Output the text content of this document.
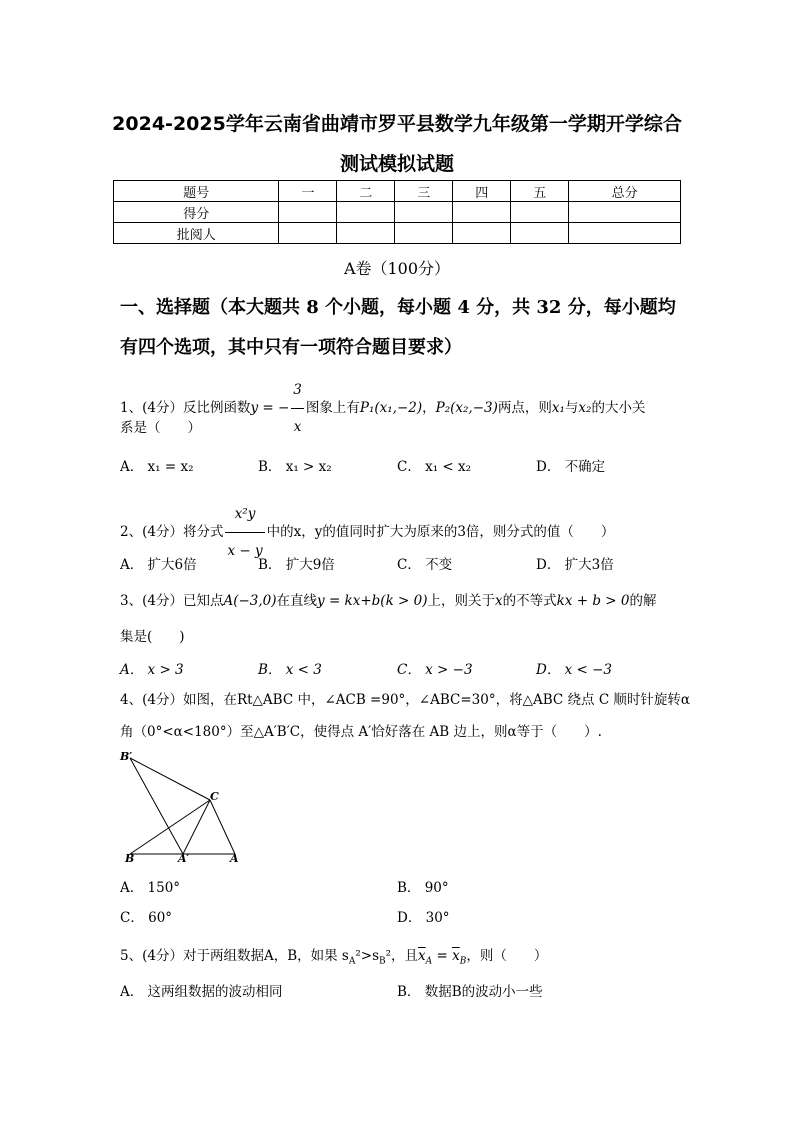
2024-2025学年云南省曲靖市罗平县数学九年级第一学期开学综合
测试模拟试题
题号	一	二	三	四	五	总分
得分						
批阅人						
A卷（100分）
一、选择题（本大题共 8 个小题，每小题 4 分，共 32 分，每小题均
有四个选项，其中只有一项符合题目要求）
1、(4分）反比例函数y = − $\frac{3}{x}$ 图象上有P₁(x₁,−2)，P₂(x₂,−3)两点，则x₁与x₂的大小关
系是（　　）
A． x₁ = x₂	B． x₁ > x₂	C． x₁ < x₂	D． 不确定
2、(4分）将分式 $\frac{\text{x²y}}{x - y}$ 中的x，y的值同时扩大为原来的3倍，则分式的值（　　）
A． 扩大6倍	B． 扩大9倍	C． 不变	D． 扩大3倍
3、(4分）已知点A(−3,0)在直线y = kx+b(k > 0)上，则关于x的不等式kx + b > 0的解
集是(　　)
A． x > 3	B． x < 3	C． x > −3	D． x < −3
4、(4分）如图，在Rt△ABC 中，∠ACB =90°，∠ABC=30°，将△ABC 绕点 C 顺时针旋转α
角（0°<α<180°）至△A′B′C，使得点 A′恰好落在 AB 边上，则α等于（　　）.
B′
C
B	A′	A
A． 150°	B． 90°
C． 60°	D． 30°
5、(4分）对于两组数据A，B，如果 $s_A^2>s_B^2$，且$\overline{x}_A = \overline{x}_B$，则（　　）
A． 这两组数据的波动相同	B． 数据B的波动小一些
